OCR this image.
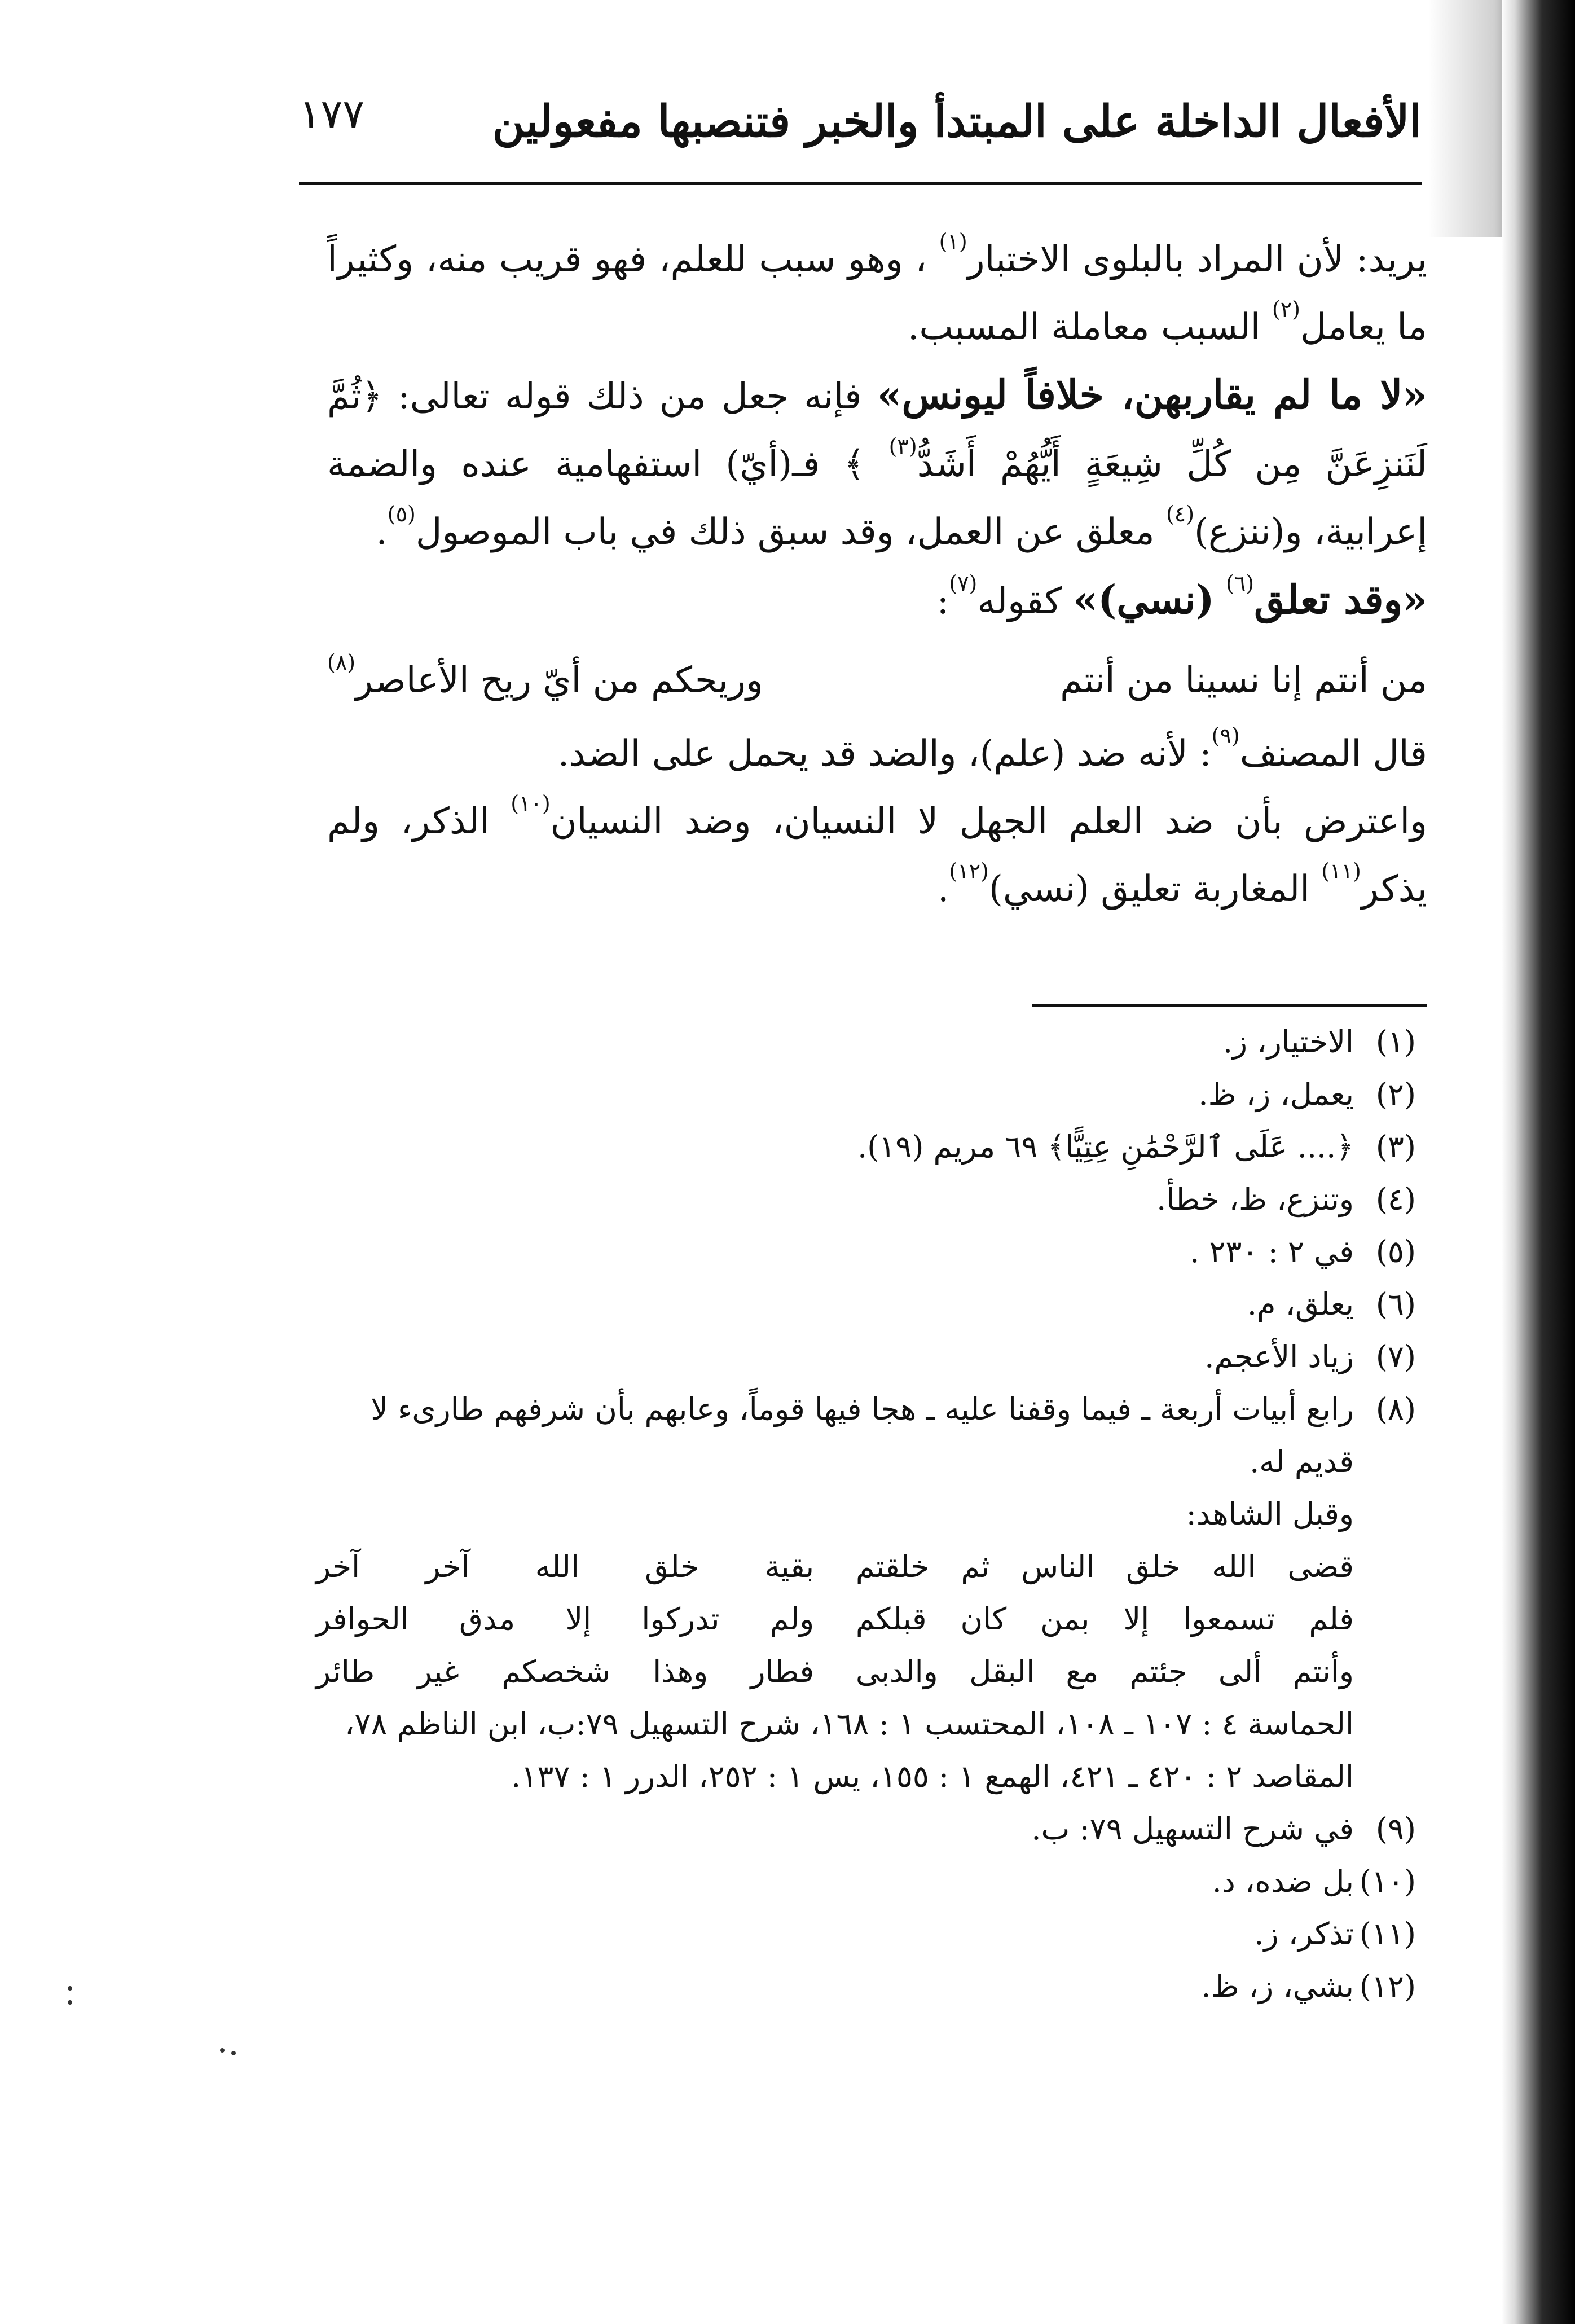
الأفعال الداخلة على المبتدأ والخبر فتنصبها مفعولين
١٧٧

يريد: لأن المراد بالبلوى الاختبار$^{(١)}$ ، وهو سبب للعلم، فهو قريب منه، وكثيراً ما يعامل$^{(٢)}$ السبب معاملة المسبب.

«لا ما لم يقاربهن، خلافاً ليونس» فإنه جعل من ذلك قوله تعالى: ﴿ثُمَّ لَنَنزِعَنَّ مِن كُلِّ شِيعَةٍ أَيُّهُمْ أَشَدُّ$^{(٣)}$ ﴾ فـ(أيّ) استفهامية عنده والضمة إعرابية، و(ننزع)$^{(٤)}$ معلق عن العمل، وقد سبق ذلك في باب الموصول$^{(٥)}$.

«وقد تعلق$^{(٦)}$ (نسي)» كقوله$^{(٧)}$:

من أنتم إنا نسينا من أنتم
وريحكم من أيّ ريح الأعاصر$^{(٨)}$

قال المصنف$^{(٩)}$: لأنه ضد (علم)، والضد قد يحمل على الضد.

واعترض بأن ضد العلم الجهل لا النسيان، وضد النسيان$^{(١٠)}$ الذكر، ولم يذكر$^{(١١)}$ المغاربة تعليق (نسي)$^{(١٢)}$.

(١)
الاختيار، ز.
(٢)
يعمل، ز، ظ.
(٣)
﴿.... عَلَى ٱلرَّحْمَٰنِ عِتِيًّا﴾ ٦٩ مريم (١٩).
(٤)
وتنزع، ظ، خطأ.
(٥)
في ٢ : ٢٣٠ .
(٦)
يعلق، م.
(٧)
زياد الأعجم.
(٨)
رابع أبيات أربعة ـ فيما وقفنا عليه ـ هجا فيها قوماً، وعابهم بأن شرفهم طارىء لا قديم له.
وقبل الشاهد:
قضى الله خلق الناس ثم خلقتم
بقية خلق الله آخر آخر
فلم تسمعوا إلا بمن كان قبلكم
ولم تدركوا إلا مدق الحوافر
وأنتم ألى جئتم مع البقل والدبى
فطار وهذا شخصكم غير طائر
الحماسة ٤ : ١٠٧ ـ ١٠٨، المحتسب ١ : ١٦٨، شرح التسهيل ٧٩:ب، ابن الناظم ٧٨،
المقاصد ٢ : ٤٢٠ ـ ٤٢١، الهمع ١ : ١٥٥، يس ١ : ٢٥٢، الدرر ١ : ١٣٧.
(٩)
في شرح التسهيل ٧٩: ب.
(١٠)
بل ضده، د.
(١١)
تذكر، ز.
(١٢)
بشي، ز، ظ.
